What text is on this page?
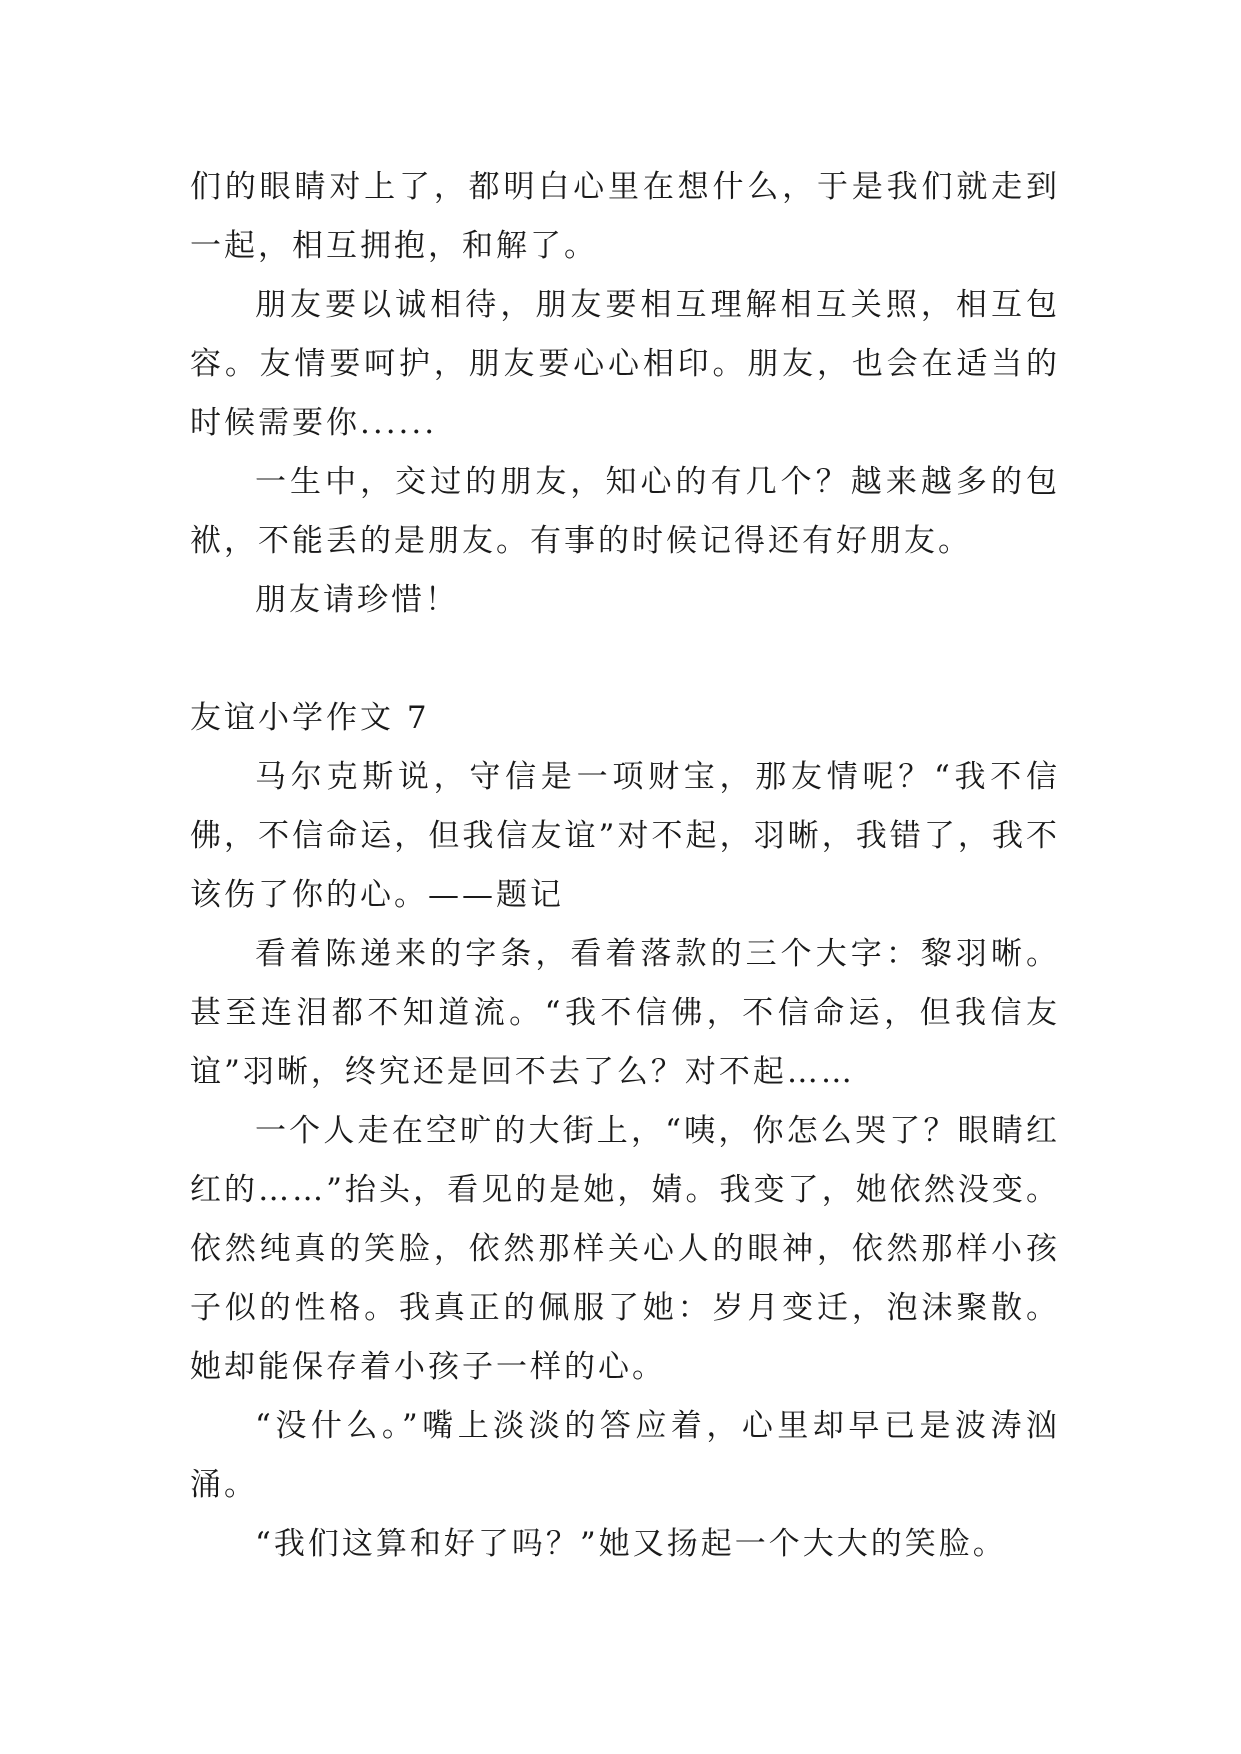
们的眼睛对上了，都明白心里在想什么，于是我们就走到一起，相互拥抱，和解了。

朋友要以诚相待，朋友要相互理解相互关照，相互包容。友情要呵护，朋友要心心相印。朋友，也会在适当的时候需要你......

一生中，交过的朋友，知心的有几个？越来越多的包袱，不能丢的是朋友。有事的时候记得还有好朋友。

朋友请珍惜！

友谊小学作文 7

马尔克斯说，守信是一项财宝，那友情呢？“我不信佛，不信命运，但我信友谊”对不起，羽晰，我错了，我不该伤了你的心。——题记

看着陈递来的字条，看着落款的三个大字：黎羽晰。甚至连泪都不知道流。“我不信佛，不信命运，但我信友谊”羽晰，终究还是回不去了么？对不起……

一个人走在空旷的大街上，“咦，你怎么哭了？眼睛红红的……”抬头，看见的是她，婧。我变了，她依然没变。依然纯真的笑脸，依然那样关心人的眼神，依然那样小孩子似的性格。我真正的佩服了她：岁月变迁，泡沫聚散。她却能保存着小孩子一样的心。

“没什么。”嘴上淡淡的答应着，心里却早已是波涛汹涌。

“我们这算和好了吗？”她又扬起一个大大的笑脸。
